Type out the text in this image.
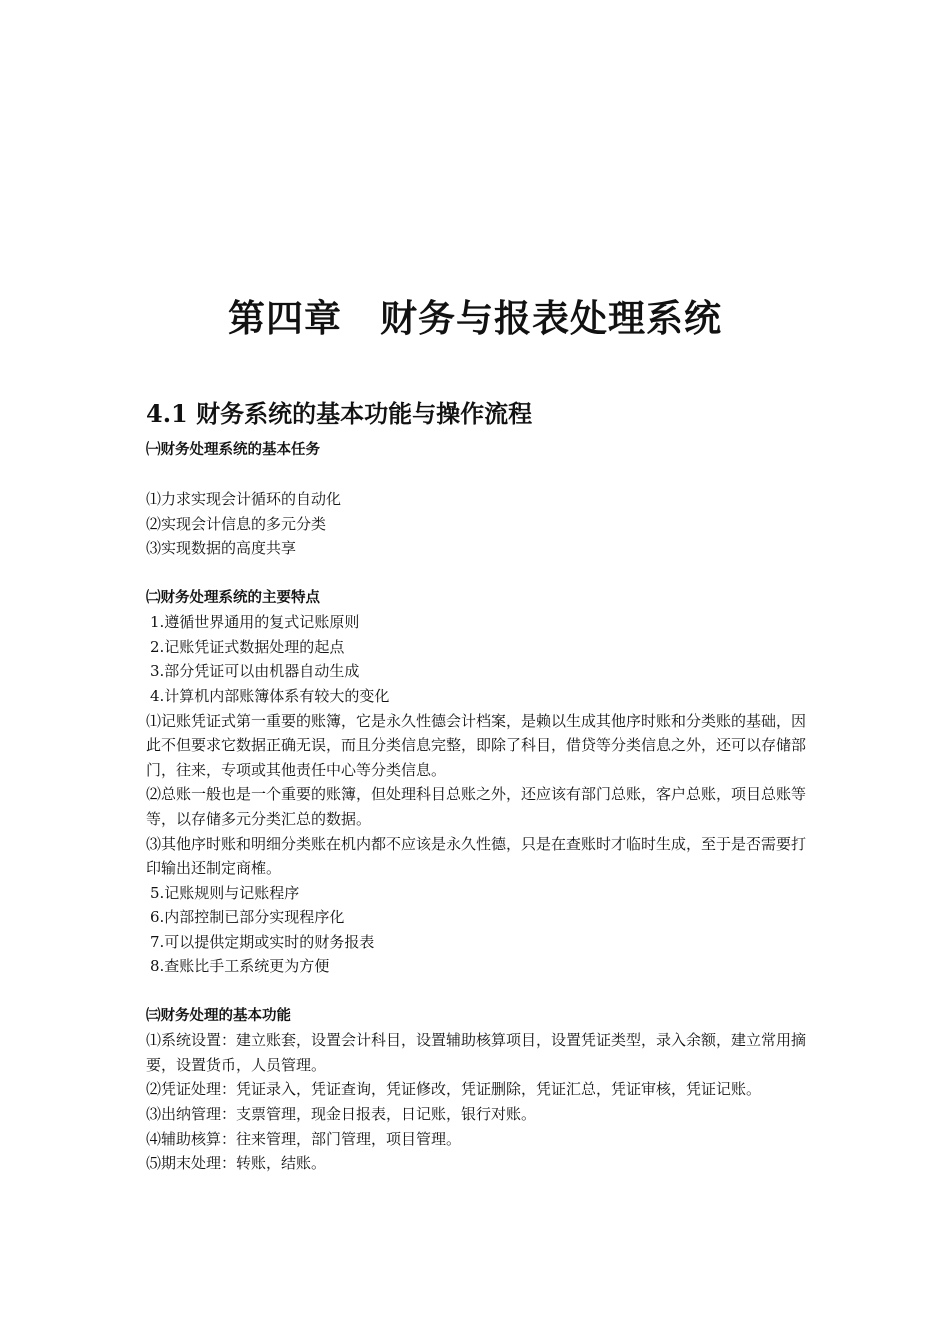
第四章　财务与报表处理系统
4.1 财务系统的基本功能与操作流程

㈠财务处理系统的基本任务

⑴力求实现会计循环的自动化

⑵实现会计信息的多元分类

⑶实现数据的高度共享

㈡财务处理系统的主要特点

1.遵循世界通用的复式记账原则

2.记账凭证式数据处理的起点

3.部分凭证可以由机器自动生成

4.计算机内部账簿体系有较大的变化

⑴记账凭证式第一重要的账簿，它是永久性德会计档案，是赖以生成其他序时账和分类账的基础，因此不但要求它数据正确无误，而且分类信息完整，即除了科目，借贷等分类信息之外，还可以存储部门，往来，专项或其他责任中心等分类信息。

⑵总账一般也是一个重要的账簿，但处理科目总账之外，还应该有部门总账，客户总账，项目总账等等，以存储多元分类汇总的数据。

⑶其他序时账和明细分类账在机内都不应该是永久性德，只是在查账时才临时生成，至于是否需要打印输出还制定商榷。

5.记账规则与记账程序

6.内部控制已部分实现程序化

7.可以提供定期或实时的财务报表

8.查账比手工系统更为方便

㈢财务处理的基本功能

⑴系统设置：建立账套，设置会计科目，设置辅助核算项目，设置凭证类型，录入余额，建立常用摘要，设置货币，人员管理。

⑵凭证处理：凭证录入，凭证查询，凭证修改，凭证删除，凭证汇总，凭证审核，凭证记账。

⑶出纳管理：支票管理，现金日报表，日记账，银行对账。

⑷辅助核算：往来管理，部门管理，项目管理。

⑸期末处理：转账，结账。
